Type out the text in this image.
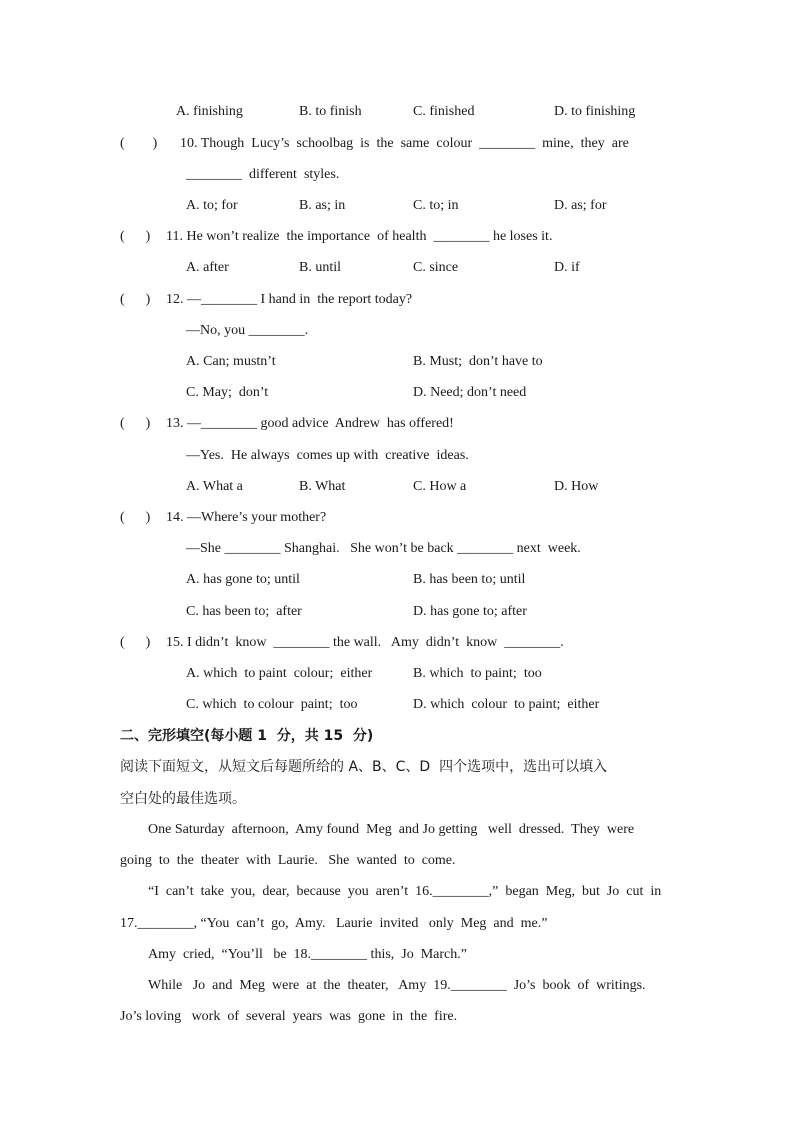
A. finishing	B. to finish	C. finished	D. to finishing
(        ) 10. Though  Lucy’s  schoolbag  is  the  same  colour  ________  mine,  they  are
________  different  styles.
A. to; for	B. as; in	C. to; in	D. as; for
(      ) 11. He won’t realize  the importance  of health  ________ he loses it.
A. after	B. until	C. since	D. if
(      ) 12. —________ I hand in  the report today?
—No, you ________.
A. Can; mustn’t	B. Must;  don’t have to
C. May;  don’t	D. Need; don’t need
(      ) 13. —________ good advice  Andrew  has offered!
—Yes.  He always  comes up with  creative  ideas.
A. What a	B. What	C. How a	D. How
(      ) 14. —Where’s your mother?
—She ________ Shanghai.   She won’t be back ________ next  week.
A. has gone to; until	B. has been to; until
C. has been to;  after	D. has gone to; after
(      ) 15. I didn’t  know  ________ the wall.   Amy  didn’t  know  ________.
A. which  to paint  colour;  either	B. which  to paint;  too
C. which  to colour  paint;  too	D. which  colour  to paint;  either
二、完形填空(每小题 1  分，共 15  分)
阅读下面短文，从短文后每题所给的 A、B、C、D  四个选项中，选出可以填入
空白处的最佳选项。
One Saturday  afternoon,  Amy found  Meg  and Jo getting   well  dressed.  They  were
going  to  the  theater  with  Laurie.   She  wanted  to  come.
“I  can’t  take  you,  dear,  because  you  aren’t  16.________,”  began  Meg,  but  Jo  cut  in
17.________, “You  can’t  go,  Amy.   Laurie  invited   only  Meg  and  me.”
Amy  cried,  “You’ll   be  18.________ this,  Jo  March.”
While   Jo  and  Meg  were  at  the  theater,   Amy  19.________  Jo’s  book  of  writings.
Jo’s loving   work  of  several  years  was  gone  in  the  fire.
